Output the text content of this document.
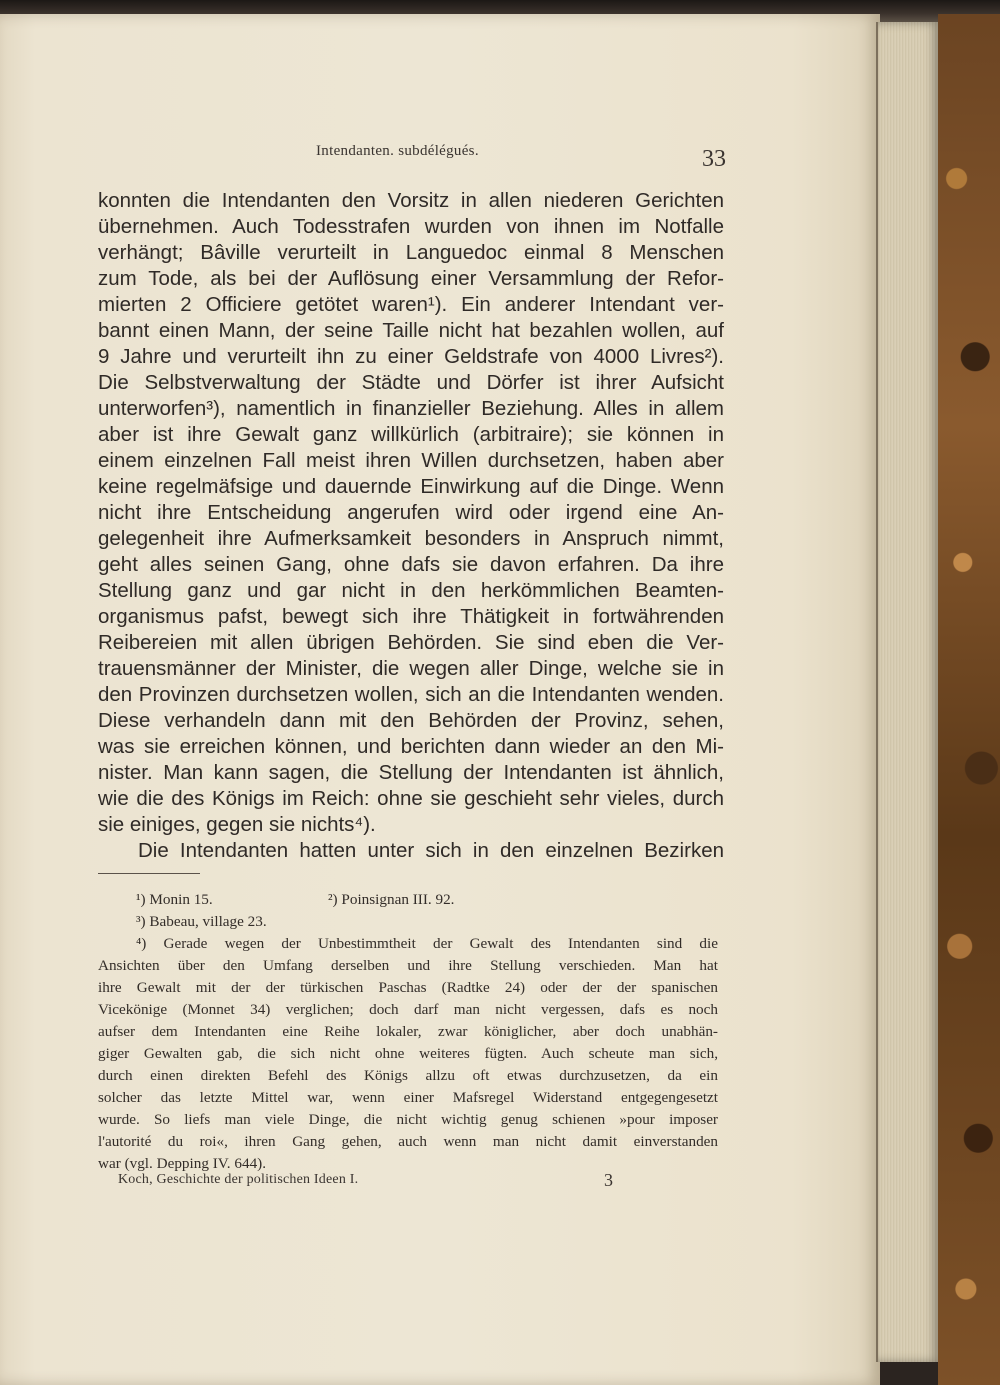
Intendanten. subdélégués.	33
konnten die Intendanten den Vorsitz in allen niederen Gerichten
übernehmen. Auch Todesstrafen wurden von ihnen im Notfalle
verhängt; Bâville verurteilt in Languedoc einmal 8 Menschen
zum Tode, als bei der Auflösung einer Versammlung der Refor-
mierten 2 Officiere getötet waren¹). Ein anderer Intendant ver-
bannt einen Mann, der seine Taille nicht hat bezahlen wollen, auf
9 Jahre und verurteilt ihn zu einer Geldstrafe von 4000 Livres²).
Die Selbstverwaltung der Städte und Dörfer ist ihrer Aufsicht
unterworfen³), namentlich in finanzieller Beziehung. Alles in allem
aber ist ihre Gewalt ganz willkürlich (arbitraire); sie können in
einem einzelnen Fall meist ihren Willen durchsetzen, haben aber
keine regelmäfsige und dauernde Einwirkung auf die Dinge. Wenn
nicht ihre Entscheidung angerufen wird oder irgend eine An-
gelegenheit ihre Aufmerksamkeit besonders in Anspruch nimmt,
geht alles seinen Gang, ohne dafs sie davon erfahren. Da ihre
Stellung ganz und gar nicht in den herkömmlichen Beamten-
organismus pafst, bewegt sich ihre Thätigkeit in fortwährenden
Reibereien mit allen übrigen Behörden. Sie sind eben die Ver-
trauensmänner der Minister, die wegen aller Dinge, welche sie in
den Provinzen durchsetzen wollen, sich an die Intendanten wenden.
Diese verhandeln dann mit den Behörden der Provinz, sehen,
was sie erreichen können, und berichten dann wieder an den Mi-
nister. Man kann sagen, die Stellung der Intendanten ist ähnlich,
wie die des Königs im Reich: ohne sie geschieht sehr vieles, durch
sie einiges, gegen sie nichts⁴).
Die Intendanten hatten unter sich in den einzelnen Bezirken
¹) Monin 15.	²) Poinsignan III. 92.
³) Babeau, village 23.
⁴) Gerade wegen der Unbestimmtheit der Gewalt des Intendanten sind die
Ansichten über den Umfang derselben und ihre Stellung verschieden. Man hat
ihre Gewalt mit der der türkischen Paschas (Radtke 24) oder der der spanischen
Vicekönige (Monnet 34) verglichen; doch darf man nicht vergessen, dafs es noch
aufser dem Intendanten eine Reihe lokaler, zwar königlicher, aber doch unabhän-
giger Gewalten gab, die sich nicht ohne weiteres fügten. Auch scheute man sich,
durch einen direkten Befehl des Königs allzu oft etwas durchzusetzen, da ein
solcher das letzte Mittel war, wenn einer Mafsregel Widerstand entgegengesetzt
wurde. So liefs man viele Dinge, die nicht wichtig genug schienen »pour imposer
l'autorité du roi«, ihren Gang gehen, auch wenn man nicht damit einverstanden
war (vgl. Depping IV. 644).
Koch, Geschichte der politischen Ideen I.	3
